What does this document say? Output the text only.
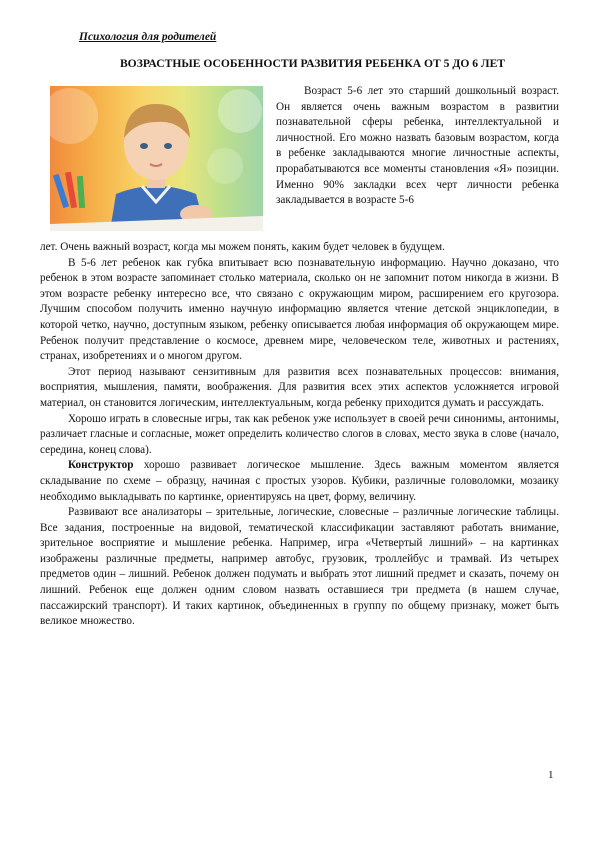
Психология для родителей
ВОЗРАСТНЫЕ ОСОБЕННОСТИ РАЗВИТИЯ РЕБЕНКА ОТ 5 ДО 6 ЛЕТ

Возраст 5-6 лет это старший дошкольный возраст. Он является очень важным возрастом в развитии познавательной сферы ребенка, интеллектуальной и личностной. Его можно назвать базовым возрастом, когда в ребенке закладываются многие личностные аспекты, прорабатываются все моменты становления «Я» позиции. Именно 90% закладки всех черт личности ребенка закладывается в возрасте 5-6

лет. Очень важный возраст, когда мы можем понять, каким будет человек в будущем.

В 5-6 лет ребенок как губка впитывает всю познавательную информацию. Научно доказано, что ребенок в этом возрасте запоминает столько материала, сколько он не запомнит потом никогда в жизни. В этом возрасте ребенку интересно все, что связано с окружающим миром, расширением его кругозора. Лучшим способом получить именно научную информацию является чтение детской энциклопедии, в которой четко, научно, доступным языком, ребенку описывается любая информация об окружающем мире. Ребенок получит представление о космосе, древнем мире, человеческом теле, животных и растениях, странах, изобретениях и о многом другом.

Этот период называют сензитивным для развития всех познавательных процессов: внимания, восприятия, мышления, памяти, воображения. Для развития всех этих аспектов усложняется игровой материал, он становится логическим, интеллектуальным, когда ребенку приходится думать и рассуждать.

Хорошо играть в словесные игры, так как ребенок уже использует в своей речи синонимы, антонимы, различает гласные и согласные, может определить количество слогов в словах, место звука в слове (начало, середина, конец слова).

Конструктор хорошо развивает логическое мышление. Здесь важным моментом является складывание по схеме – образцу, начиная с простых узоров. Кубики, различные головоломки, мозаику необходимо выкладывать по картинке, ориентируясь на цвет, форму, величину.

Развивают все анализаторы – зрительные, логические, словесные – различные логические таблицы. Все задания, построенные на видовой, тематической классификации заставляют работать внимание, зрительное восприятие и мышление ребенка. Например, игра «Четвертый лишний» – на картинках изображены различные предметы, например автобус, грузовик, троллейбус и трамвай. Из четырех предметов один – лишний. Ребенок должен подумать и выбрать этот лишний предмет и сказать, почему он лишний. Ребенок еще должен одним словом назвать оставшиеся три предмета (в нашем случае, пассажирский транспорт). И таких картинок, объединенных в группу по общему признаку, может быть великое множество.

1
